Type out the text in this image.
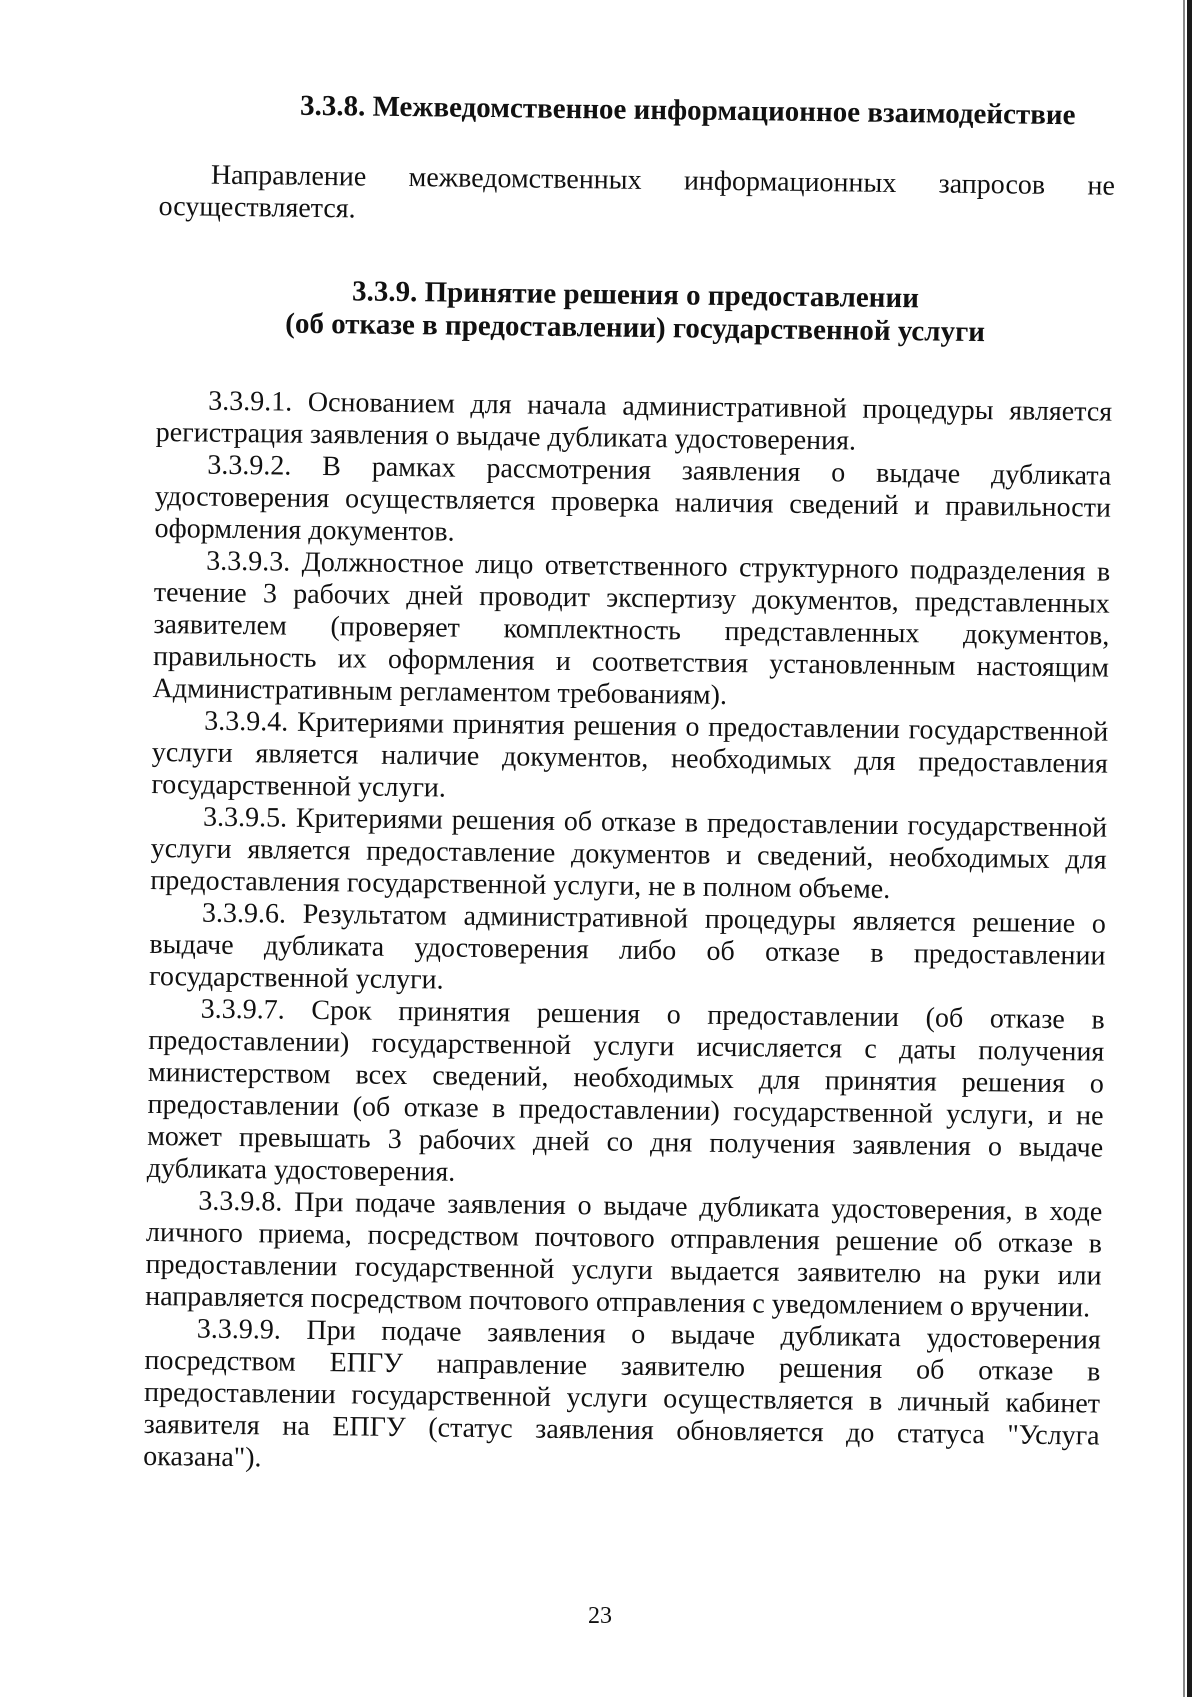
3.3.8. Межведомственное информационное взаимодействие

Направление межведомственных информационных запросов не осуществляется.

3.3.9. Принятие решения о предоставлении
(об отказе в предоставлении) государственной услуги

3.3.9.1. Основанием для начала административной процедуры является регистрация заявления о выдаче дубликата удостоверения.

3.3.9.2. В рамках рассмотрения заявления о выдаче дубликата удостоверения осуществляется проверка наличия сведений и правильности оформления документов.

3.3.9.3. Должностное лицо ответственного структурного подразделения в течение 3 рабочих дней проводит экспертизу документов, представленных заявителем (проверяет комплектность представленных документов, правильность их оформления и соответствия установленным настоящим Административным регламентом требованиям).

3.3.9.4. Критериями принятия решения о предоставлении государственной услуги является наличие документов, необходимых для предоставления государственной услуги.

3.3.9.5. Критериями решения об отказе в предоставлении государственной услуги является предоставление документов и сведений, необходимых для предоставления государственной услуги, не в полном объеме.

3.3.9.6. Результатом административной процедуры является решение о выдаче дубликата удостоверения либо об отказе в предоставлении государственной услуги.

3.3.9.7. Срок принятия решения о предоставлении (об отказе в предоставлении) государственной услуги исчисляется с даты получения министерством всех сведений, необходимых для принятия решения о предоставлении (об отказе в предоставлении) государственной услуги, и не может превышать 3 рабочих дней со дня получения заявления о выдаче дубликата удостоверения.

3.3.9.8. При подаче заявления о выдаче дубликата удостоверения, в ходе личного приема, посредством почтового отправления решение об отказе в предоставлении государственной услуги выдается заявителю на руки или направляется посредством почтового отправления с уведомлением о вручении.

3.3.9.9. При подаче заявления о выдаче дубликата удостоверения посредством ЕПГУ направление заявителю решения об отказе в предоставлении государственной услуги осуществляется в личный кабинет заявителя на ЕПГУ (статус заявления обновляется до статуса "Услуга оказана").

23
